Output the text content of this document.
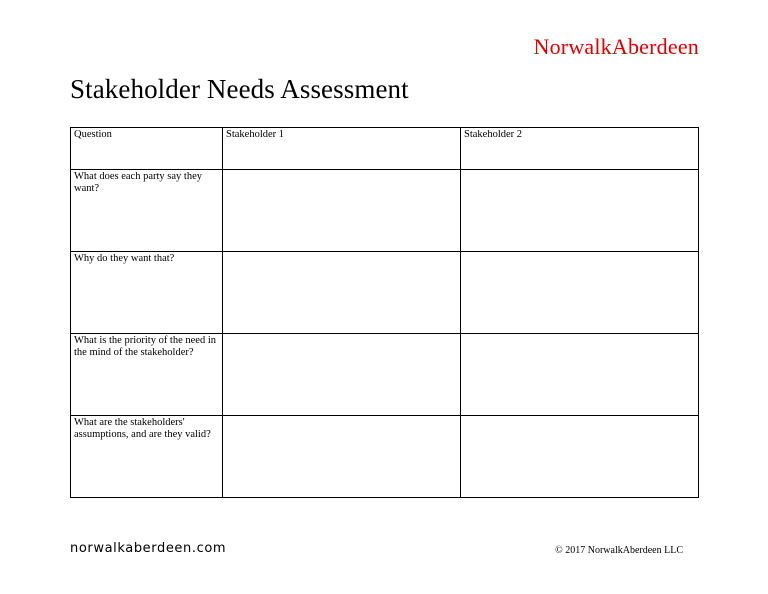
NorwalkAberdeen
Stakeholder Needs Assessment
Question	Stakeholder 1	Stakeholder 2
What does each party say they want?		
Why do they want that?		
What is the priority of the need in the mind of the stakeholder?		
What are the stakeholders' assumptions, and are they valid?		
norwalkaberdeen.com	© 2017 NorwalkAberdeen LLC
